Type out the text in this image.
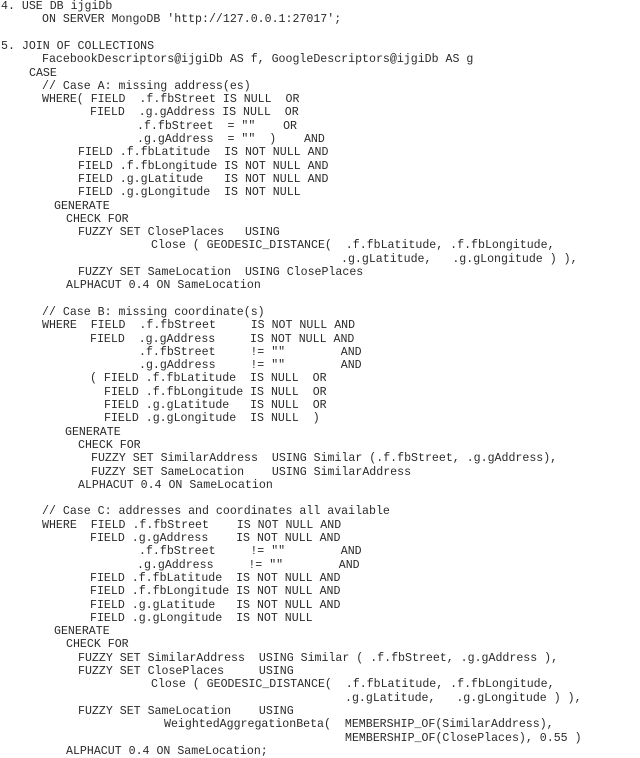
4. USE DB ijgiDb
ON SERVER MongoDB 'http://127.0.0.1:27017';
5. JOIN OF COLLECTIONS
FacebookDescriptors@ijgiDb AS f, GoogleDescriptors@ijgiDb AS g
CASE
// Case A: missing address(es)
WHERE( FIELD  .f.fbStreet IS NULL  OR
FIELD  .g.gAddress IS NULL  OR
.f.fbStreet  = ""    OR
.g.gAddress  = ""  )    AND
FIELD .f.fbLatitude  IS NOT NULL AND
FIELD .f.fbLongitude IS NOT NULL AND
FIELD .g.gLatitude   IS NOT NULL AND
FIELD .g.gLongitude  IS NOT NULL
GENERATE
CHECK FOR
FUZZY SET ClosePlaces   USING
Close ( GEODESIC_DISTANCE(  .f.fbLatitude, .f.fbLongitude,
.g.gLatitude,   .g.gLongitude ) ),
FUZZY SET SameLocation  USING ClosePlaces
ALPHACUT 0.4 ON SameLocation
// Case B: missing coordinate(s)
WHERE  FIELD  .f.fbStreet     IS NOT NULL AND
FIELD  .g.gAddress     IS NOT NULL AND
.f.fbStreet     != ""        AND
.g.gAddress     != ""        AND
( FIELD .f.fbLatitude  IS NULL  OR
FIELD .f.fbLongitude IS NULL  OR
FIELD .g.gLatitude   IS NULL  OR
FIELD .g.gLongitude  IS NULL  )
GENERATE
CHECK FOR
FUZZY SET SimilarAddress  USING Similar (.f.fbStreet, .g.gAddress),
FUZZY SET SameLocation    USING SimilarAddress
ALPHACUT 0.4 ON SameLocation
// Case C: addresses and coordinates all available
WHERE  FIELD .f.fbStreet    IS NOT NULL AND
FIELD .g.gAddress    IS NOT NULL AND
.f.fbStreet     != ""        AND
.g.gAddress     != ""        AND
FIELD .f.fbLatitude  IS NOT NULL AND
FIELD .f.fbLongitude IS NOT NULL AND
FIELD .g.gLatitude   IS NOT NULL AND
FIELD .g.gLongitude  IS NOT NULL
GENERATE
CHECK FOR
FUZZY SET SimilarAddress  USING Similar ( .f.fbStreet, .g.gAddress ),
FUZZY SET ClosePlaces     USING
Close ( GEODESIC_DISTANCE(  .f.fbLatitude, .f.fbLongitude,
.g.gLatitude,   .g.gLongitude ) ),
FUZZY SET SameLocation    USING
WeightedAggregationBeta(  MEMBERSHIP_OF(SimilarAddress),
MEMBERSHIP_OF(ClosePlaces), 0.55 )
ALPHACUT 0.4 ON SameLocation;
